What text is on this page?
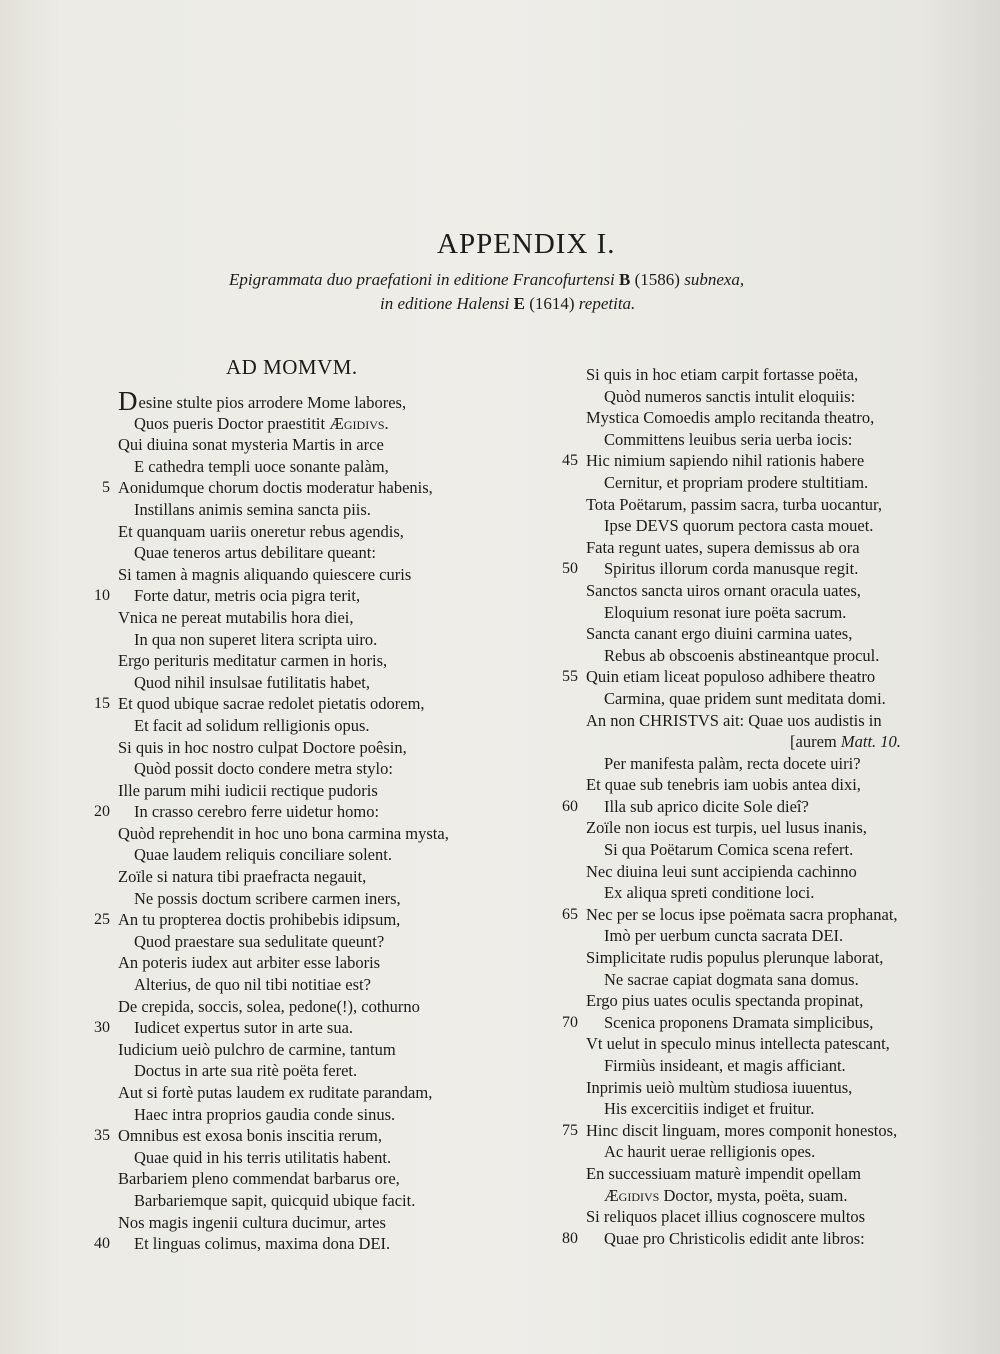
APPENDIX I.

Epigrammata duo praefationi in editione Francofurtensi B (1586) subnexa,

in editione Halensi E (1614) repetita.

AD MOMVM.
Desine stulte pios arrodere Mome labores,
Quos pueris Doctor praestitit Ægidivs.
Qui diuina sonat mysteria Martis in arce
E cathedra templi uoce sonante palàm,
5 Aonidumque chorum doctis moderatur habenis,
Instillans animis semina sancta piis.
Et quanquam uariis oneretur rebus agendis,
Quae teneros artus debilitare queant:
Si tamen à magnis aliquando quiescere curis
10 Forte datur, metris ocia pigra terit,
Vnica ne pereat mutabilis hora diei,
In qua non superet litera scripta uiro.
Ergo perituris meditatur carmen in horis,
Quod nihil insulsae futilitatis habet,
15 Et quod ubique sacrae redolet pietatis odorem,
Et facit ad solidum relligionis opus.
Si quis in hoc nostro culpat Doctore poêsin,
Quòd possit docto condere metra stylo:
Ille parum mihi iudicii rectique pudoris
20 In crasso cerebro ferre uidetur homo:
Quòd reprehendit in hoc uno bona carmina mysta,
Quae laudem reliquis conciliare solent.
Zoïle si natura tibi praefracta negauit,
Ne possis doctum scribere carmen iners,
25 An tu propterea doctis prohibebis idipsum,
Quod praestare sua sedulitate queunt?
An poteris iudex aut arbiter esse laboris
Alterius, de quo nil tibi notitiae est?
De crepida, soccis, solea, pedone(!), cothurno
30 Iudicet expertus sutor in arte sua.
Iudicium ueiò pulchro de carmine, tantum
Doctus in arte sua ritè poëta feret.
Aut si fortè putas laudem ex ruditate parandam,
Haec intra proprios gaudia conde sinus.
35 Omnibus est exosa bonis inscitia rerum,
Quae quid in his terris utilitatis habent.
Barbariem pleno commendat barbarus ore,
Barbariemque sapit, quicquid ubique facit.
Nos magis ingenii cultura ducimur, artes
40 Et linguas colimus, maxima dona DEI.
Si quis in hoc etiam carpit fortasse poëta,
Quòd numeros sanctis intulit eloquiis:
Mystica Comoedis amplo recitanda theatro,
Committens leuibus seria uerba iocis:
45 Hic nimium sapiendo nihil rationis habere
Cernitur, et propriam prodere stultitiam.
Tota Poëtarum, passim sacra, turba uocantur,
Ipse DEVS quorum pectora casta mouet.
Fata regunt uates, supera demissus ab ora
50 Spiritus illorum corda manusque regit.
Sanctos sancta uiros ornant oracula uates,
Eloquium resonat iure poëta sacrum.
Sancta canant ergo diuini carmina uates,
Rebus ab obscoenis abstineantque procul.
55 Quin etiam liceat populoso adhibere theatro
Carmina, quae pridem sunt meditata domi.
An non CHRISTVS ait: Quae uos audistis in
[aurem Matt. 10.
Per manifesta palàm, recta docete uiri?
Et quae sub tenebris iam uobis antea dixi,
60 Illa sub aprico dicite Sole dieî?
Zoïle non iocus est turpis, uel lusus inanis,
Si qua Poëtarum Comica scena refert.
Nec diuina leui sunt accipienda cachinno
Ex aliqua spreti conditione loci.
65 Nec per se locus ipse poëmata sacra prophanat,
Imò per uerbum cuncta sacrata DEI.
Simplicitate rudis populus plerunque laborat,
Ne sacrae capiat dogmata sana domus.
Ergo pius uates oculis spectanda propinat,
70 Scenica proponens Dramata simplicibus,
Vt uelut in speculo minus intellecta patescant,
Firmiùs insideant, et magis afficiant.
Inprimis ueiò multùm studiosa iuuentus,
His excercitiis indiget et fruitur.
75 Hinc discit linguam, mores componit honestos,
Ac haurit uerae relligionis opes.
En successiuam maturè impendit opellam
Ægidivs Doctor, mysta, poëta, suam.
Si reliquos placet illius cognoscere multos
80 Quae pro Christicolis edidit ante libros:
